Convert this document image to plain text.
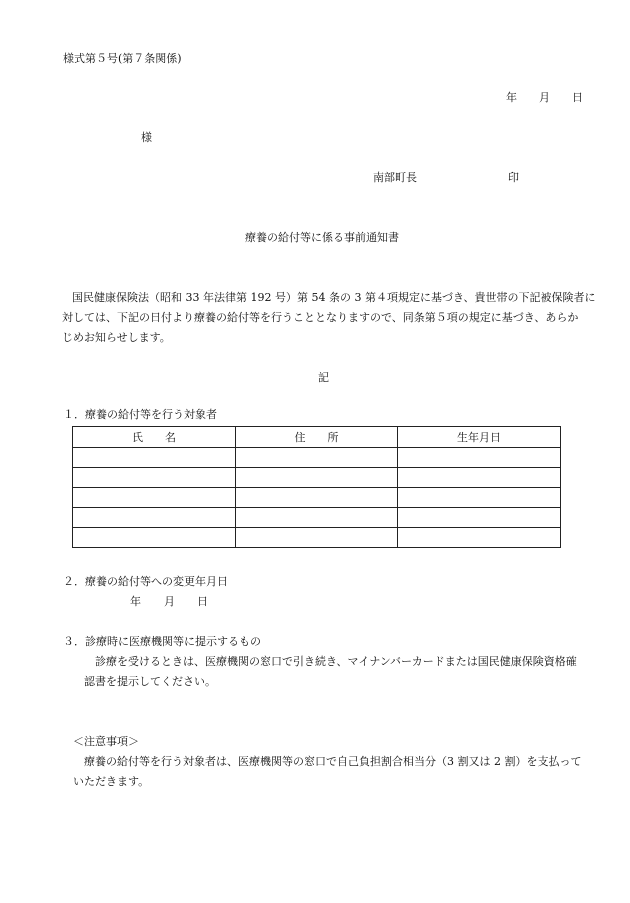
様式第５号(第７条関係)
年 月 日
様
南部町長	印
療養の給付等に係る事前通知書
国民健康保険法（昭和 33 年法律第 192 号）第 54 条の 3 第４項規定に基づき、貴世帯の下記被保険者に
対しては、下記の日付より療養の給付等を行うこととなりますので、同条第５項の規定に基づき、あらか
じめお知らせします。
記
１．療養の給付等を行う対象者
氏　　名	住　　所	生年月日

２．療養の給付等への変更年月日
年 月 日
３．診療時に医療機関等に提示するもの
診療を受けるときは、医療機関の窓口で引き続き、マイナンバーカードまたは国民健康保険資格確
認書を提示してください。
＜注意事項＞
療養の給付等を行う対象者は、医療機関等の窓口で自己負担割合相当分（3 割又は 2 割）を支払って
いただきます。
